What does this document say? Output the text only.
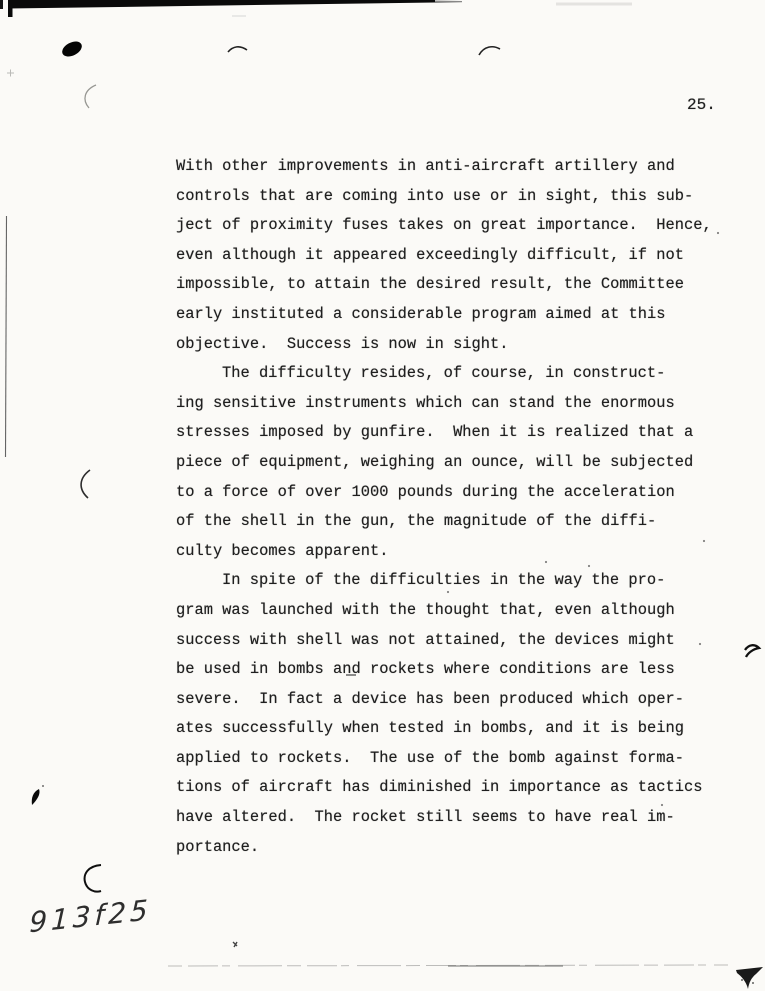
25.
With other improvements in anti-aircraft artillery and
controls that are coming into use or in sight, this sub-
ject of proximity fuses takes on great importance.  Hence,
even although it appeared exceedingly difficult, if not
impossible, to attain the desired result, the Committee
early instituted a considerable program aimed at this
objective.  Success is now in sight.
The difficulty resides, of course, in construct-
ing sensitive instruments which can stand the enormous
stresses imposed by gunfire.  When it is realized that a
piece of equipment, weighing an ounce, will be subjected
to a force of over 1000 pounds during the acceleration
of the shell in the gun, the magnitude of the diffi-
culty becomes apparent.
In spite of the difficulties in the way the pro-
gram was launched with the thought that, even although
success with shell was not attained, the devices might
be used in bombs and rockets where conditions are less
severe.  In fact a device has been produced which oper-
ates successfully when tested in bombs, and it is being
applied to rockets.  The use of the bomb against forma-
tions of aircraft has diminished in importance as tactics
have altered.  The rocket still seems to have real im-
portance.
913f25
